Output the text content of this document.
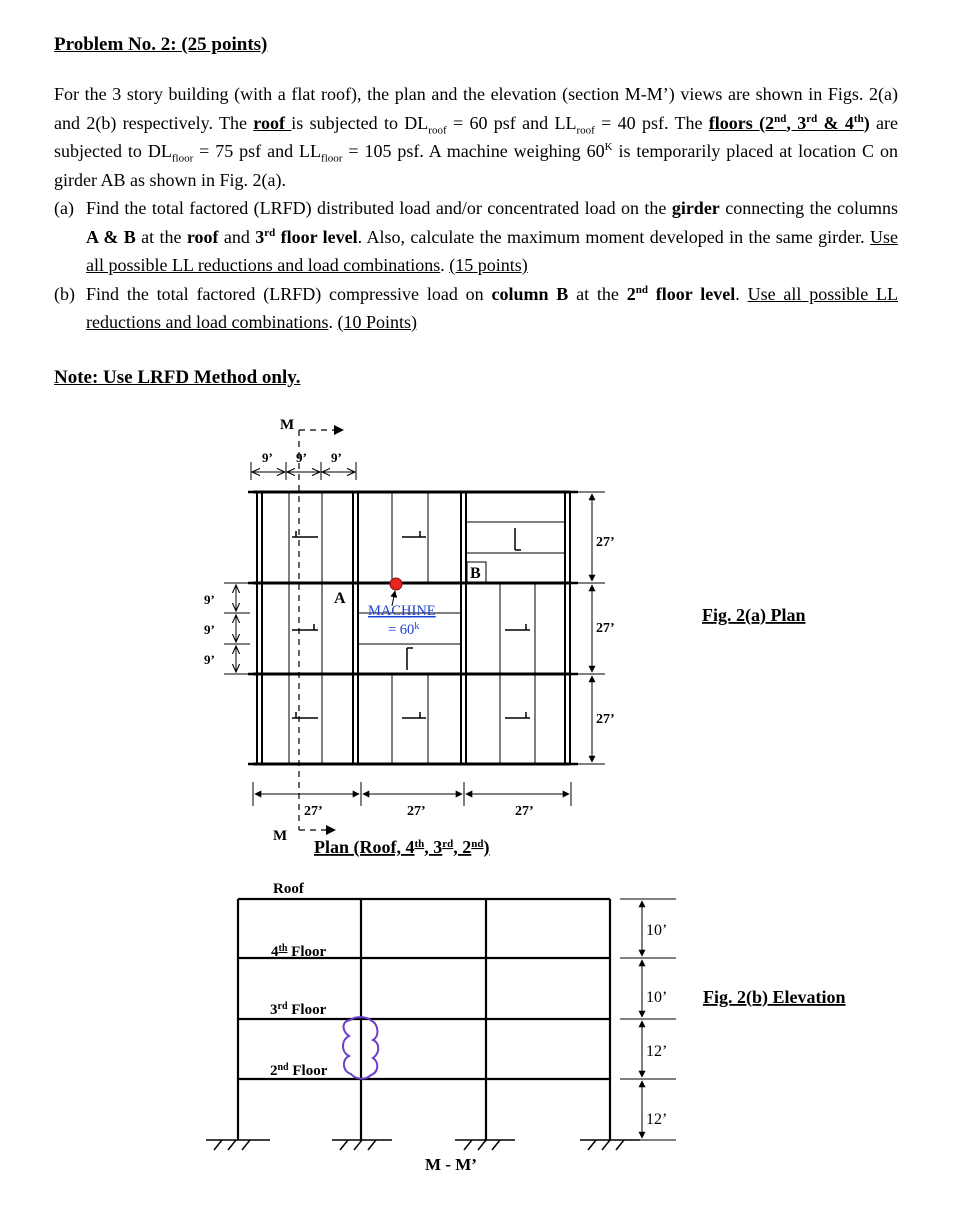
Problem No. 2: (25 points)

For the 3 story building (with a flat roof), the plan and the elevation (section M-M’) views are shown in Figs. 2(a) and 2(b) respectively. The roof is subjected to $DL_{roof} = 60$ psf and $LL_{roof} = 40$ psf. The floors (2nd, 3rd & 4th) are subjected to $DL_{floor} = 75$ psf and $LL_{floor} = 105$ psf. A machine weighing $60^K$ is temporarily placed at location C on girder AB as shown in Fig. 2(a).

(a) Find the total factored (LRFD) distributed load and/or concentrated load on the girder connecting the columns A & B at the roof and 3rd floor level. Also, calculate the maximum moment developed in the same girder. Use all possible LL reductions and load combinations. (15 points)
(b) Find the total factored (LRFD) compressive load on column B at the 2nd floor level. Use all possible LL reductions and load combinations. (10 Points)

Note: Use LRFD Method only.

M
M
9’ 9’ 9’
9’
9’
9’
27’
27’
27’
27’	27’	27’
A
B
MACHINE
= $60^k$
Plan (Roof, 4th, 3rd, 2nd)
Fig. 2(a) Plan
Roof
4th Floor
3rd Floor
2nd Floor
10’
10’
12’
12’
M - M’
Fig. 2(b) Elevation
